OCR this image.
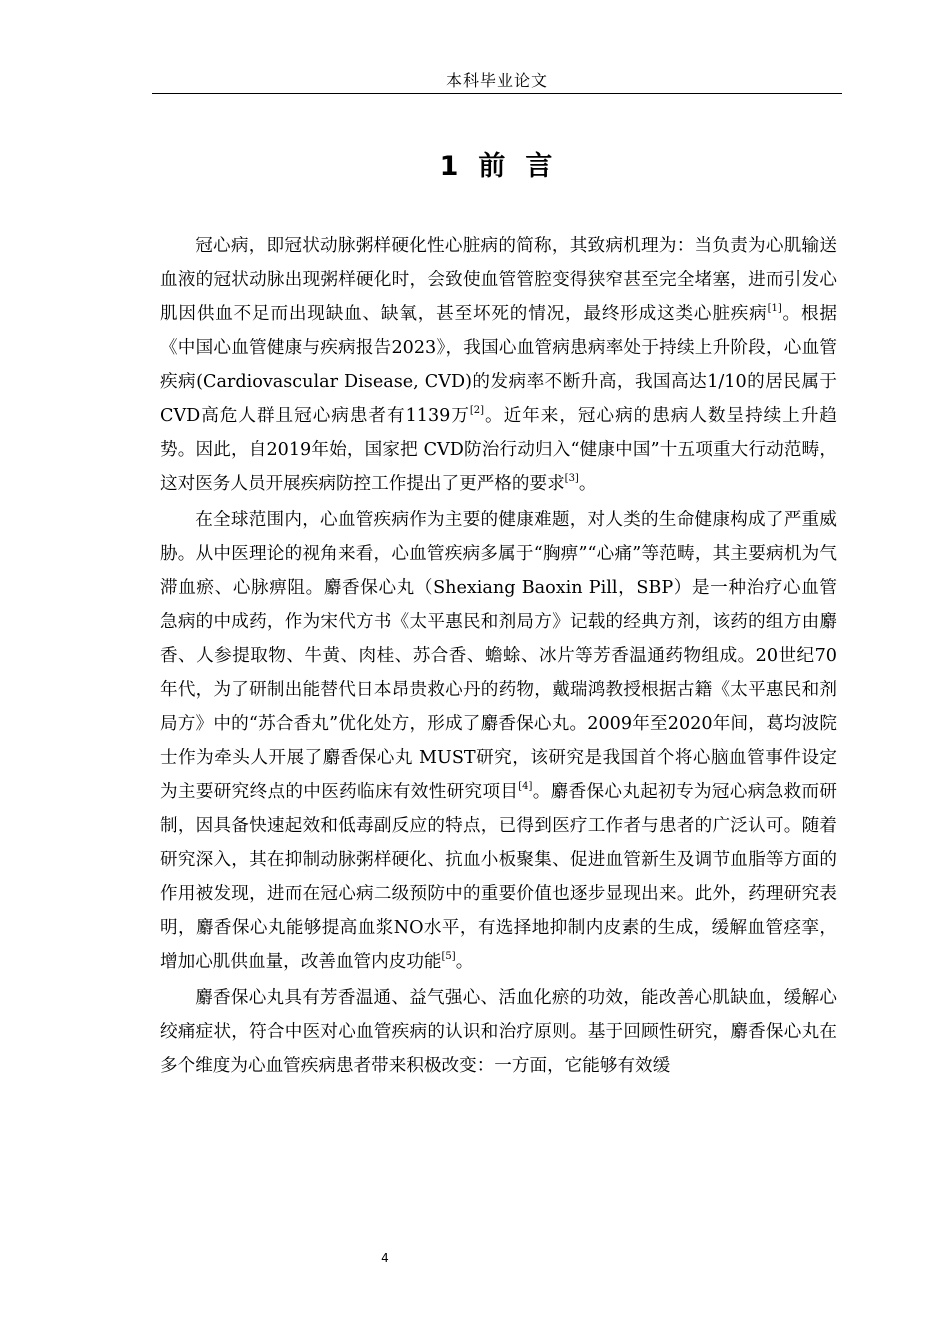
本科毕业论文
1 前 言

冠心病，即冠状动脉粥样硬化性心脏病的简称，其致病机理为：当负责为心肌输送血液的冠状动脉出现粥样硬化时，会致使血管管腔变得狭窄甚至完全堵塞，进而引发心肌因供血不足而出现缺血、缺氧，甚至坏死的情况，最终形成这类心脏疾病[1]。根据《中国心血管健康与疾病报告2023》，我国心血管病患病率处于持续上升阶段，心血管疾病(Cardiovascular Disease, CVD)的发病率不断升高，我国高达1/10的居民属于CVD高危人群且冠心病患者有1139万[2]。近年来，冠心病的患病人数呈持续上升趋势。因此，自2019年始，国家把 CVD防治行动归入“健康中国”十五项重大行动范畴，这对医务人员开展疾病防控工作提出了更严格的要求[3]。

在全球范围内，心血管疾病作为主要的健康难题，对人类的生命健康构成了严重威胁。从中医理论的视角来看，心血管疾病多属于“胸痹”“心痛”等范畴，其主要病机为气滞血瘀、心脉痹阻。麝香保心丸（Shexiang Baoxin Pill，SBP）是一种治疗心血管急病的中成药，作为宋代方书《太平惠民和剂局方》记载的经典方剂，该药的组方由麝香、人参提取物、牛黄、肉桂、苏合香、蟾蜍、冰片等芳香温通药物组成。20世纪70年代，为了研制出能替代日本昂贵救心丹的药物，戴瑞鸿教授根据古籍《太平惠民和剂局方》中的“苏合香丸”优化处方，形成了麝香保心丸。2009年至2020年间，葛均波院士作为牵头人开展了麝香保心丸 MUST研究，该研究是我国首个将心脑血管事件设定为主要研究终点的中医药临床有效性研究项目[4]。麝香保心丸起初专为冠心病急救而研制，因具备快速起效和低毒副反应的特点，已得到医疗工作者与患者的广泛认可。随着研究深入，其在抑制动脉粥样硬化、抗血小板聚集、促进血管新生及调节血脂等方面的作用被发现，进而在冠心病二级预防中的重要价值也逐步显现出来。此外，药理研究表明，麝香保心丸能够提高血浆NO水平，有选择地抑制内皮素的生成，缓解血管痉挛，增加心肌供血量，改善血管内皮功能[5]。

麝香保心丸具有芳香温通、益气强心、活血化瘀的功效，能改善心肌缺血，缓解心绞痛症状，符合中医对心血管疾病的认识和治疗原则。基于回顾性研究，麝香保心丸在多个维度为心血管疾病患者带来积极改变：一方面，它能够有效缓

4
